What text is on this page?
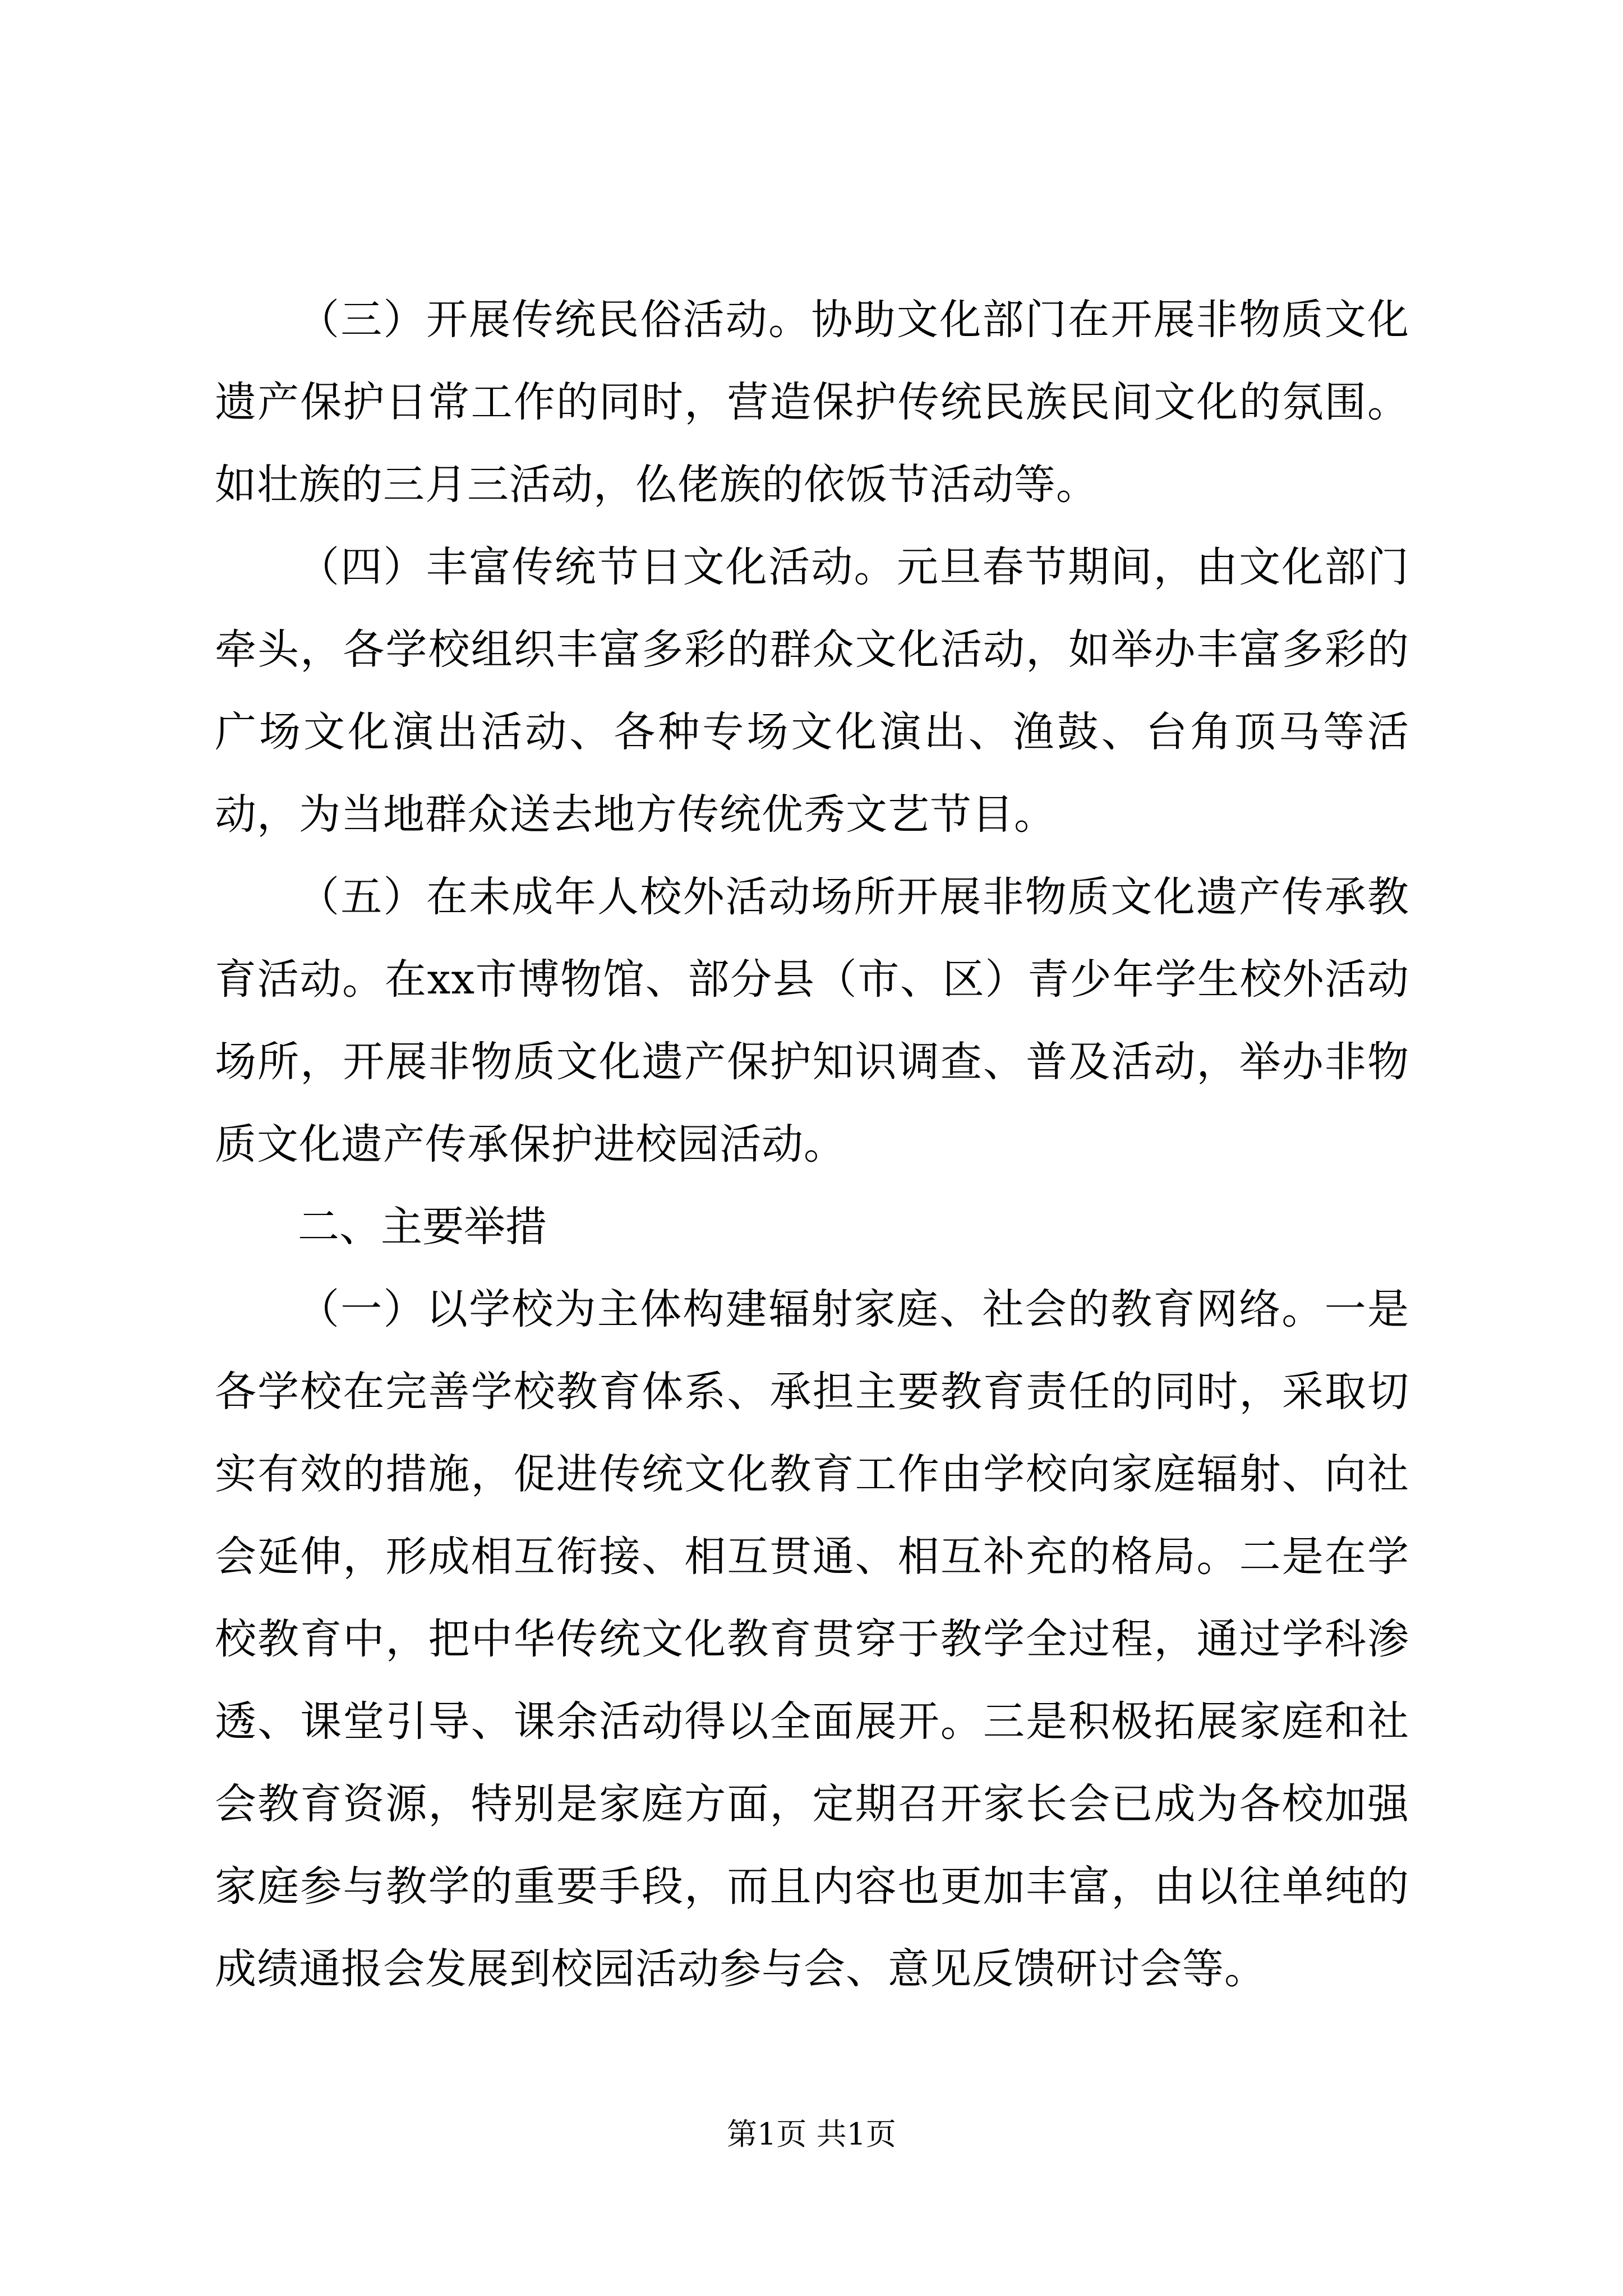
（三）开展传统民俗活动。协助文化部门在开展非物质文化遗产保护日常工作的同时，营造保护传统民族民间文化的氛围。如壮族的三月三活动，仫佬族的依饭节活动等。

（四）丰富传统节日文化活动。元旦春节期间，由文化部门牵头，各学校组织丰富多彩的群众文化活动，如举办丰富多彩的广场文化演出活动、各种专场文化演出、渔鼓、台角顶马等活动，为当地群众送去地方传统优秀文艺节目。

（五）在未成年人校外活动场所开展非物质文化遗产传承教育活动。在xx市博物馆、部分县（市、区）青少年学生校外活动场所，开展非物质文化遗产保护知识调查、普及活动，举办非物质文化遗产传承保护进校园活动。

二、主要举措

（一）以学校为主体构建辐射家庭、社会的教育网络。一是各学校在完善学校教育体系、承担主要教育责任的同时，采取切实有效的措施，促进传统文化教育工作由学校向家庭辐射、向社会延伸，形成相互衔接、相互贯通、相互补充的格局。二是在学校教育中，把中华传统文化教育贯穿于教学全过程，通过学科渗透、课堂引导、课余活动得以全面展开。三是积极拓展家庭和社会教育资源，特别是家庭方面，定期召开家长会已成为各校加强家庭参与教学的重要手段，而且内容也更加丰富，由以往单纯的成绩通报会发展到校园活动参与会、意见反馈研讨会等。

第1页 共1页
